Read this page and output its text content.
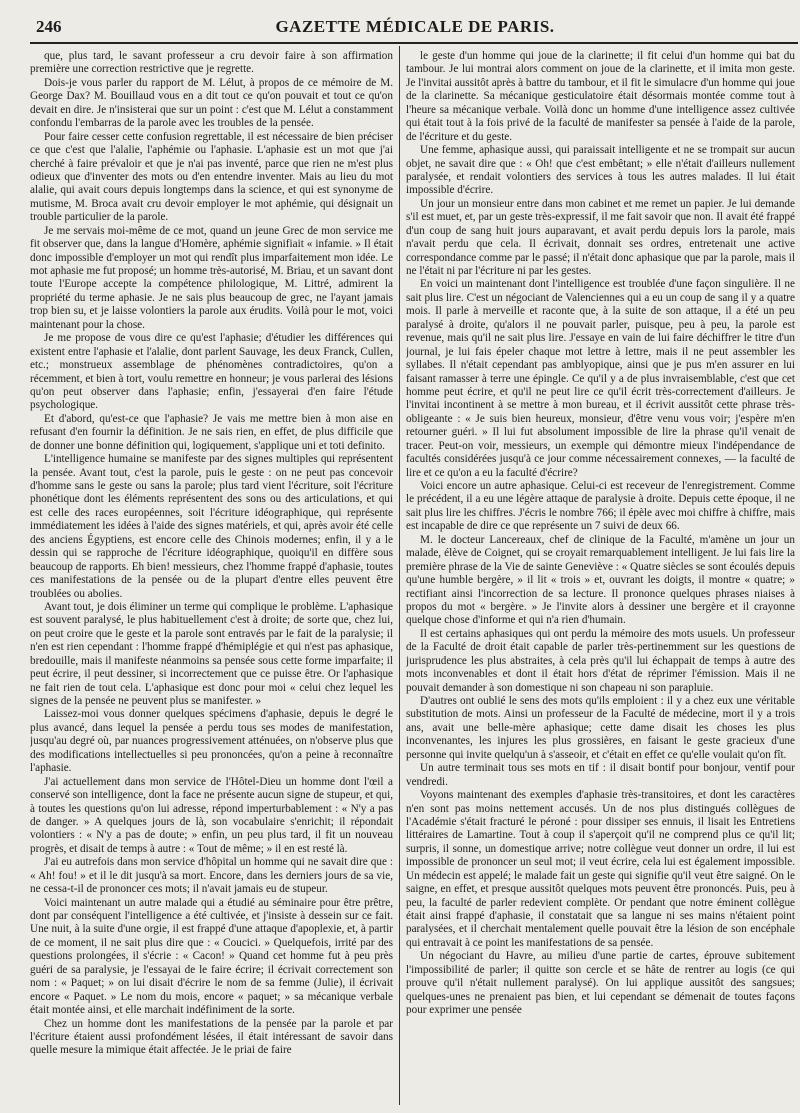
246	GAZETTE MÉDICALE DE PARIS.

que, plus tard, le savant professeur a cru devoir faire à son affirmation première une correction restrictive que je regrette.

Dois-je vous parler du rapport de M. Lélut, à propos de ce mémoire de M. George Dax? M. Bouillaud vous en a dit tout ce qu'on pouvait et tout ce qu'on devait en dire. Je n'insisterai que sur un point : c'est que M. Lélut a constamment confondu l'embarras de la parole avec les troubles de la pensée.

Pour faire cesser cette confusion regrettable, il est nécessaire de bien préciser ce que c'est que l'alalie, l'aphémie ou l'aphasie. L'aphasie est un mot que j'ai cherché à faire prévaloir et que je n'ai pas inventé, parce que rien ne m'est plus odieux que d'inventer des mots ou d'en entendre inventer. Mais au lieu du mot alalie, qui avait cours depuis longtemps dans la science, et qui est synonyme de mutisme, M. Broca avait cru devoir employer le mot aphémie, qui désignait un trouble particulier de la parole.

Je me servais moi-même de ce mot, quand un jeune Grec de mon service me fit observer que, dans la langue d'Homère, aphémie signifiait « infamie. » Il était donc impossible d'employer un mot qui rendît plus imparfaitement mon idée. Le mot aphasie me fut proposé; un homme très-autorisé, M. Briau, et un savant dont toute l'Europe accepte la compétence philologique, M. Littré, admirent la propriété du terme aphasie. Je ne sais plus beaucoup de grec, ne l'ayant jamais trop bien su, et je laisse volontiers la parole aux érudits. Voilà pour le mot, voici maintenant pour la chose.

Je me propose de vous dire ce qu'est l'aphasie; d'étudier les différences qui existent entre l'aphasie et l'alalie, dont parlent Sauvage, les deux Franck, Cullen, etc.; monstrueux assemblage de phénomènes contradictoires, qu'on a récemment, et bien à tort, voulu remettre en honneur; je vous parlerai des lésions qu'on peut observer dans l'aphasie; enfin, j'essayerai d'en faire l'étude psychologique.

Et d'abord, qu'est-ce que l'aphasie? Je vais me mettre bien à mon aise en refusant d'en fournir la définition. Je ne sais rien, en effet, de plus difficile que de donner une bonne définition qui, logiquement, s'applique uni et toti definito.

L'intelligence humaine se manifeste par des signes multiples qui représentent la pensée. Avant tout, c'est la parole, puis le geste : on ne peut pas concevoir d'homme sans le geste ou sans la parole; plus tard vient l'écriture, soit l'écriture phonétique dont les éléments représentent des sons ou des articulations, et qui est celle des races européennes, soit l'écriture idéographique, qui représente immédiatement les idées à l'aide des signes matériels, et qui, après avoir été celle des anciens Égyptiens, est encore celle des Chinois modernes; enfin, il y a le dessin qui se rapproche de l'écriture idéographique, quoiqu'il en diffère sous beaucoup de rapports. Eh bien! messieurs, chez l'homme frappé d'aphasie, toutes ces manifestations de la pensée ou de la plupart d'entre elles peuvent être troublées ou abolies.

Avant tout, je dois éliminer un terme qui complique le problème. L'aphasique est souvent paralysé, le plus habituellement c'est à droite; de sorte que, chez lui, on peut croire que le geste et la parole sont entravés par le fait de la paralysie; il n'en est rien cependant : l'homme frappé d'hémiplégie et qui n'est pas aphasique, bredouille, mais il manifeste néanmoins sa pensée sous cette forme imparfaite; il peut écrire, il peut dessiner, si incorrectement que ce puisse être. Or l'aphasique ne fait rien de tout cela. L'aphasique est donc pour moi « celui chez lequel les signes de la pensée ne peuvent plus se manifester. »

Laissez-moi vous donner quelques spécimens d'aphasie, depuis le degré le plus avancé, dans lequel la pensée a perdu tous ses modes de manifestation, jusqu'au degré où, par nuances progressivement atténuées, on n'observe plus que des modifications intellectuelles si peu prononcées, qu'on a peine à reconnaître l'aphasie.

J'ai actuellement dans mon service de l'Hôtel-Dieu un homme dont l'œil a conservé son intelligence, dont la face ne présente aucun signe de stupeur, et qui, à toutes les questions qu'on lui adresse, répond imperturbablement : « N'y a pas de danger. » A quelques jours de là, son vocabulaire s'enrichit; il répondait volontiers : « N'y a pas de doute; » enfin, un peu plus tard, il fit un nouveau progrès, et disait de temps à autre : « Tout de même; » il en est resté là.

J'ai eu autrefois dans mon service d'hôpital un homme qui ne savait dire que : « Ah! fou! » et il le dit jusqu'à sa mort. Encore, dans les derniers jours de sa vie, ne cessa-t-il de prononcer ces mots; il n'avait jamais eu de stupeur.

Voici maintenant un autre malade qui a étudié au séminaire pour être prêtre, dont par conséquent l'intelligence a été cultivée, et j'insiste à dessein sur ce fait. Une nuit, à la suite d'une orgie, il est frappé d'une attaque d'apoplexie, et, à partir de ce moment, il ne sait plus dire que : « Coucici. » Quelquefois, irrité par des questions prolongées, il s'écrie : « Cacon! » Quand cet homme fut à peu près guéri de sa paralysie, je l'essayai de le faire écrire; il écrivait correctement son nom : « Paquet; » on lui disait d'écrire le nom de sa femme (Julie), il écrivait encore « Paquet. » Le nom du mois, encore « paquet; » sa mécanique verbale était montée ainsi, et elle marchait indéfiniment de la sorte.

Chez un homme dont les manifestations de la pensée par la parole et par l'écriture étaient aussi profondément lésées, il était intéressant de savoir dans quelle mesure la mimique était affectée. Je le priai de faire

le geste d'un homme qui joue de la clarinette; il fit celui d'un homme qui bat du tambour. Je lui montrai alors comment on joue de la clarinette, et il imita mon geste. Je l'invitai aussitôt après à battre du tambour, et il fit le simulacre d'un homme qui joue de la clarinette. Sa mécanique gesticulatoire était désormais montée comme tout à l'heure sa mécanique verbale. Voilà donc un homme d'une intelligence assez cultivée qui était tout à la fois privé de la faculté de manifester sa pensée à l'aide de la parole, de l'écriture et du geste.

Une femme, aphasique aussi, qui paraissait intelligente et ne se trompait sur aucun objet, ne savait dire que : « Oh! que c'est embêtant; » elle n'était d'ailleurs nullement paralysée, et rendait volontiers des services à tous les autres malades. Il lui était impossible d'écrire.

Un jour un monsieur entre dans mon cabinet et me remet un papier. Je lui demande s'il est muet, et, par un geste très-expressif, il me fait savoir que non. Il avait été frappé d'un coup de sang huit jours auparavant, et avait perdu depuis lors la parole, mais n'avait perdu que cela. Il écrivait, donnait ses ordres, entretenait une active correspondance comme par le passé; il n'était donc aphasique que par la parole, mais il ne l'était ni par l'écriture ni par les gestes.

En voici un maintenant dont l'intelligence est troublée d'une façon singulière. Il ne sait plus lire. C'est un négociant de Valenciennes qui a eu un coup de sang il y a quatre mois. Il parle à merveille et raconte que, à la suite de son attaque, il a été un peu paralysé à droite, qu'alors il ne pouvait parler, puisque, peu à peu, la parole est revenue, mais qu'il ne sait plus lire. J'essaye en vain de lui faire déchiffrer le titre d'un journal, je lui fais épeler chaque mot lettre à lettre, mais il ne peut assembler les syllabes. Il n'était cependant pas amblyopique, ainsi que je pus m'en assurer en lui faisant ramasser à terre une épingle. Ce qu'il y a de plus invraisemblable, c'est que cet homme peut écrire, et qu'il ne peut lire ce qu'il écrit très-correctement d'ailleurs. Je l'invitai incontinent à se mettre à mon bureau, et il écrivit aussitôt cette phrase très-obligeante : « Je suis bien heureux, monsieur, d'être venu vous voir; j'espère m'en retourner guéri. » Il lui fut absolument impossible de lire la phrase qu'il venait de tracer. Peut-on voir, messieurs, un exemple qui démontre mieux l'indépendance de facultés considérées jusqu'à ce jour comme nécessairement connexes, — la faculté de lire et ce qu'on a eu la faculté d'écrire?

Voici encore un autre aphasique. Celui-ci est receveur de l'enregistrement. Comme le précédent, il a eu une légère attaque de paralysie à droite. Depuis cette époque, il ne sait plus lire les chiffres. J'écris le nombre 766; il épèle avec moi chiffre à chiffre, mais est incapable de dire ce que représente un 7 suivi de deux 66.

M. le docteur Lancereaux, chef de clinique de la Faculté, m'amène un jour un malade, élève de Coignet, qui se croyait remarquablement intelligent. Je lui fais lire la première phrase de la Vie de sainte Geneviève : « Quatre siècles se sont écoulés depuis qu'une humble bergère, » il lit « trois » et, ouvrant les doigts, il montre « quatre; » rectifiant ainsi l'incorrection de sa lecture. Il prononce quelques phrases niaises à propos du mot « bergère. » Je l'invite alors à dessiner une bergère et il crayonne quelque chose d'informe et qui n'a rien d'humain.

Il est certains aphasiques qui ont perdu la mémoire des mots usuels. Un professeur de la Faculté de droit était capable de parler très-pertinemment sur les questions de jurisprudence les plus abstraites, à cela près qu'il lui échappait de temps à autre des mots inconvenables et dont il était hors d'état de réprimer l'émission. Mais il ne pouvait demander à son domestique ni son chapeau ni son parapluie.

D'autres ont oublié le sens des mots qu'ils emploient : il y a chez eux une véritable substitution de mots. Ainsi un professeur de la Faculté de médecine, mort il y a trois ans, avait une belle-mère aphasique; cette dame disait les choses les plus inconvenantes, les injures les plus grossières, en faisant le geste gracieux d'une personne qui invite quelqu'un à s'asseoir, et c'était en effet ce qu'elle voulait qu'on fît.

Un autre terminait tous ses mots en tif : il disait bontif pour bonjour, ventif pour vendredi.

Voyons maintenant des exemples d'aphasie très-transitoires, et dont les caractères n'en sont pas moins nettement accusés. Un de nos plus distingués collègues de l'Académie s'était fracturé le péroné : pour dissiper ses ennuis, il lisait les Entretiens littéraires de Lamartine. Tout à coup il s'aperçoit qu'il ne comprend plus ce qu'il lit; surpris, il sonne, un domestique arrive; notre collègue veut donner un ordre, il lui est impossible de prononcer un seul mot; il veut écrire, cela lui est également impossible. Un médecin est appelé; le malade fait un geste qui signifie qu'il veut être saigné. On le saigne, en effet, et presque aussitôt quelques mots peuvent être prononcés. Puis, peu à peu, la faculté de parler redevient complète. Or pendant que notre éminent collègue était ainsi frappé d'aphasie, il constatait que sa langue ni ses mains n'étaient point paralysées, et il cherchait mentalement quelle pouvait être la lésion de son encéphale qui entravait à ce point les manifestations de sa pensée.

Un négociant du Havre, au milieu d'une partie de cartes, éprouve subitement l'impossibilité de parler; il quitte son cercle et se hâte de rentrer au logis (ce qui prouve qu'il n'était nullement paralysé). On lui applique aussitôt des sangsues; quelques-unes ne prenaient pas bien, et lui cependant se démenait de toutes façons pour exprimer une pensée
